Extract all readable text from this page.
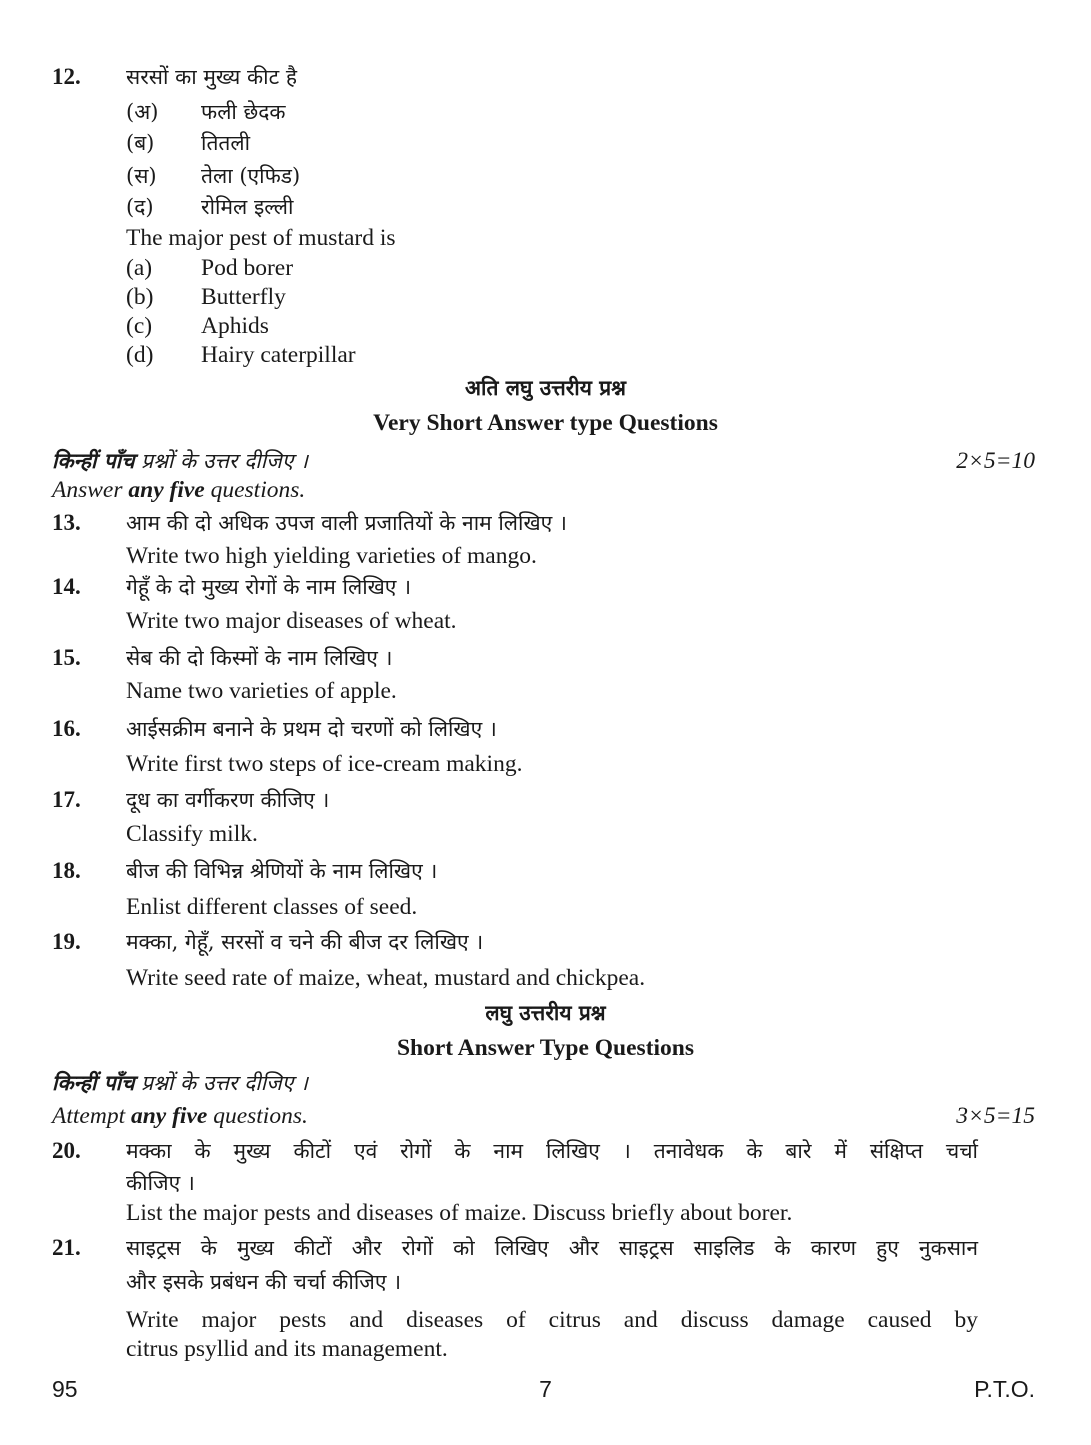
12. सरसों का मुख्य कीट है
(अ) फली छेदक
(ब) तितली
(स) तेला (एफिड)
(द) रोमिल इल्ली
The major pest of mustard is
(a) Pod borer
(b) Butterfly
(c) Aphids
(d) Hairy caterpillar
अति लघु उत्तरीय प्रश्न
Very Short Answer type Questions
किन्हीं पाँच प्रश्नों के उत्तर दीजिए ।	2×5=10
Answer any five questions.
13. आम की दो अधिक उपज वाली प्रजातियों के नाम लिखिए ।
Write two high yielding varieties of mango.
14. गेहूँ के दो मुख्य रोगों के नाम लिखिए ।
Write two major diseases of wheat.
15. सेब की दो किस्मों के नाम लिखिए ।
Name two varieties of apple.
16. आईसक्रीम बनाने के प्रथम दो चरणों को लिखिए ।
Write first two steps of ice-cream making.
17. दूध का वर्गीकरण कीजिए ।
Classify milk.
18. बीज की विभिन्न श्रेणियों के नाम लिखिए ।
Enlist different classes of seed.
19. मक्का, गेहूँ, सरसों व चने की बीज दर लिखिए ।
Write seed rate of maize, wheat, mustard and chickpea.
लघु उत्तरीय प्रश्न
Short Answer Type Questions
किन्हीं पाँच प्रश्नों के उत्तर दीजिए ।
Attempt any five questions.	3×5=15
20. मक्का के मुख्य कीटों एवं रोगों के नाम लिखिए । तनावेधक के बारे में संक्षिप्त चर्चा
कीजिए ।
List the major pests and diseases of maize. Discuss briefly about borer.
21. साइट्रस के मुख्य कीटों और रोगों को लिखिए और साइट्रस साइलिड के कारण हुए नुकसान
और इसके प्रबंधन की चर्चा कीजिए ।
Write major pests and diseases of citrus and discuss damage caused by
citrus psyllid and its management.
95	7	P.T.O.
